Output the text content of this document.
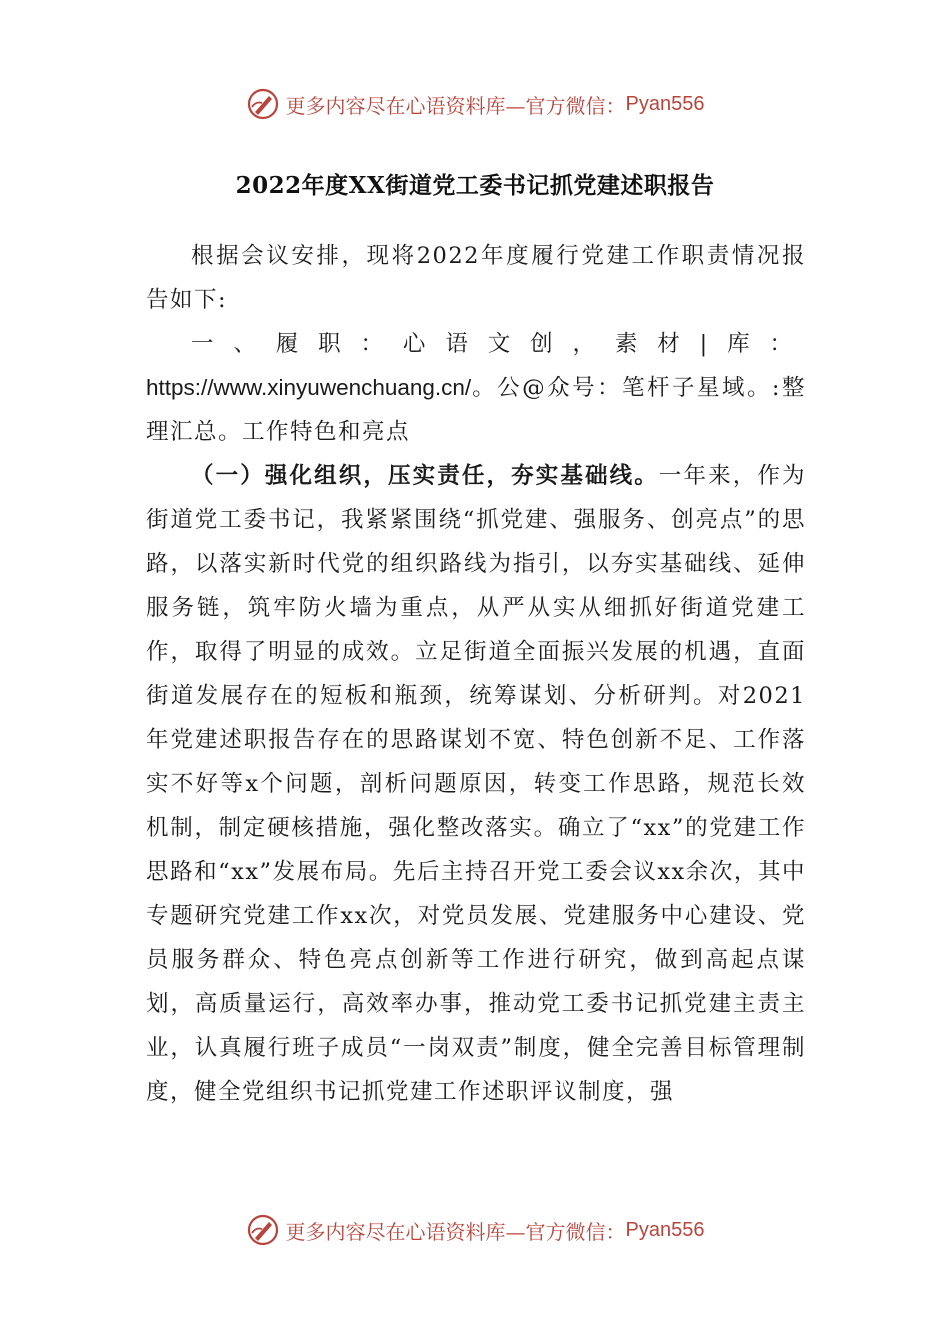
更多内容尽在心语资料库—官方微信： Pyan556
2022年度XX街道党工委书记抓党建述职报告

根据会议安排，现将2022年度履行党建工作职责情况报告如下:

一、履职：心语文创，素材|库：https://www.xinyuwenchuang.cn/。公@众号：笔杆子星域。:整理汇总。工作特色和亮点

（一）强化组织，压实责任，夯实基础线。一年来，作为街道党工委书记，我紧紧围绕“抓党建、强服务、创亮点”的思路，以落实新时代党的组织路线为指引，以夯实基础线、延伸服务链，筑牢防火墙为重点，从严从实从细抓好街道党建工作，取得了明显的成效。立足街道全面振兴发展的机遇，直面街道发展存在的短板和瓶颈，统筹谋划、分析研判。对2021年党建述职报告存在的思路谋划不宽、特色创新不足、工作落实不好等x个问题，剖析问题原因，转变工作思路，规范长效机制，制定硬核措施，强化整改落实。确立了“xx”的党建工作思路和“xx”发展布局。先后主持召开党工委会议xx余次，其中专题研究党建工作xx次，对党员发展、党建服务中心建设、党员服务群众、特色亮点创新等工作进行研究，做到高起点谋划，高质量运行，高效率办事，推动党工委书记抓党建主责主业，认真履行班子成员“一岗双责”制度，健全完善目标管理制度，健全党组织书记抓党建工作述职评议制度，强

更多内容尽在心语资料库—官方微信： Pyan556
